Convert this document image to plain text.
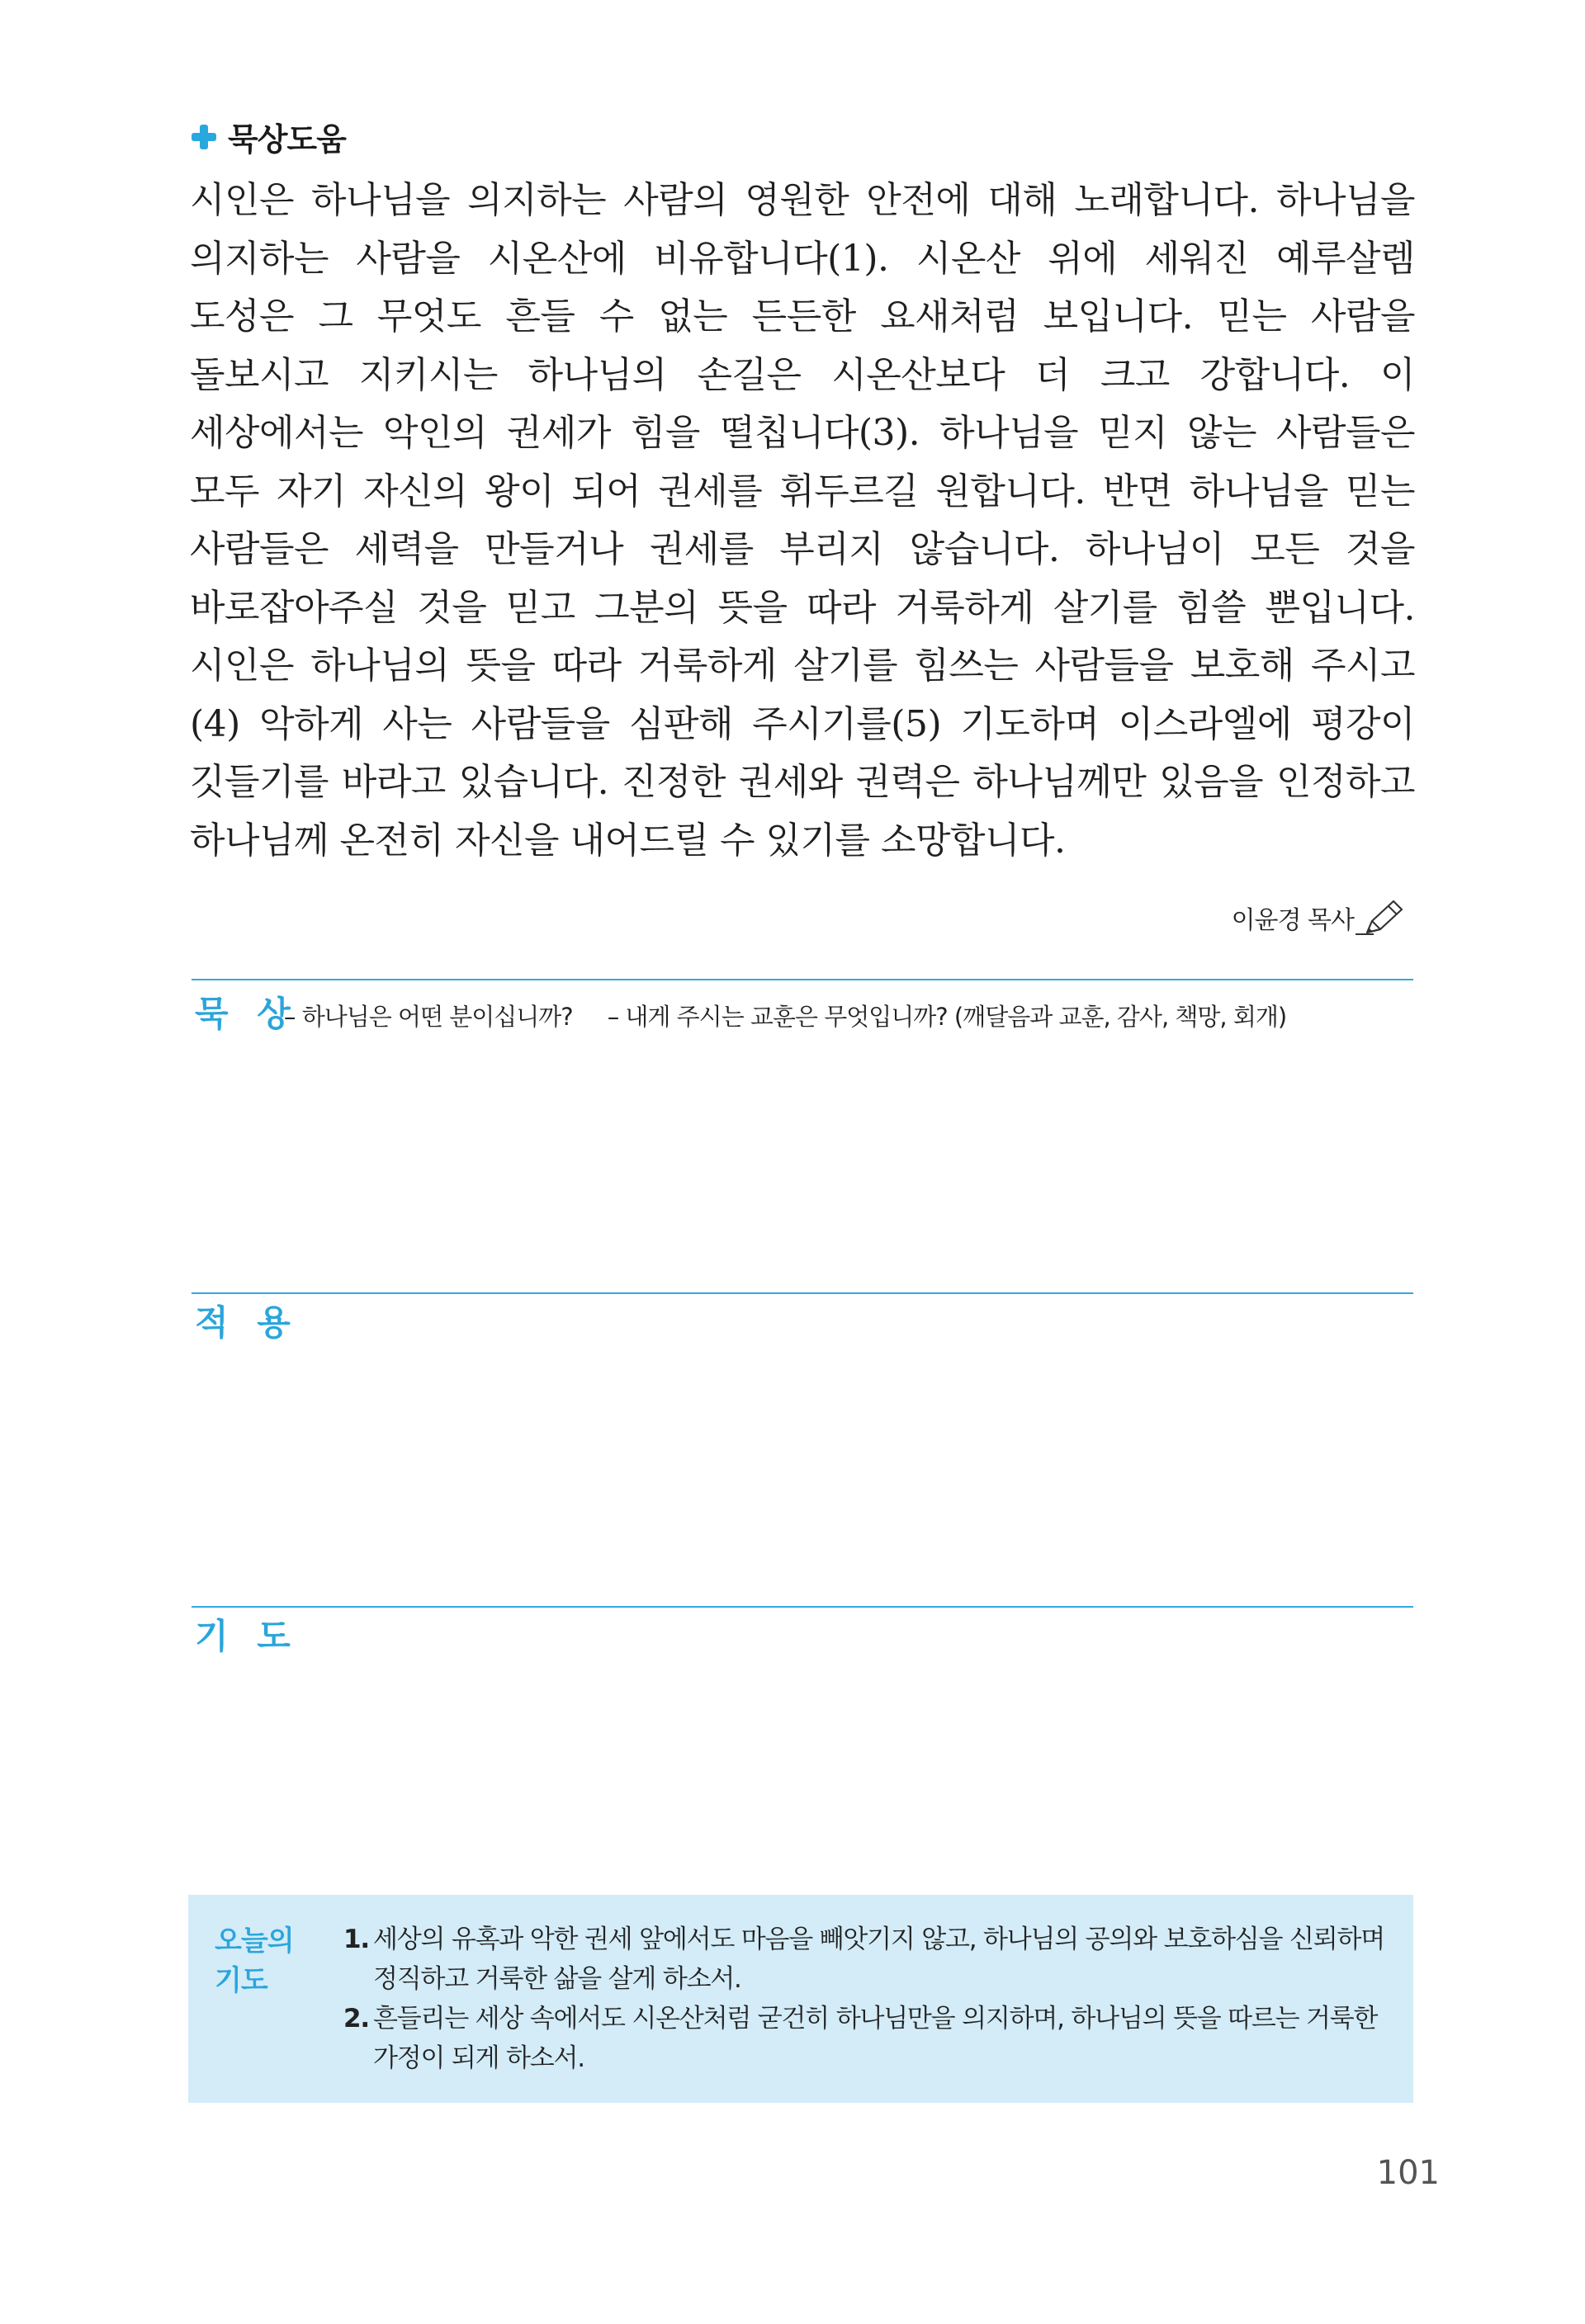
묵상도움
시인은 하나님을 의지하는 사람의 영원한 안전에 대해 노래합니다. 하나님을 의지하는 사람을 시온산에 비유합니다(1). 시온산 위에 세워진 예루살렘 도성은 그 무엇도 흔들 수 없는 든든한 요새처럼 보입니다. 믿는 사람을 돌보시고 지키시는 하나님의 손길은 시온산보다 더 크고 강합니다. 이 세상에서는 악인의 권세가 힘을 떨칩니다(3). 하나님을 믿지 않는 사람들은 모두 자기 자신의 왕이 되어 권세를 휘두르길 원합니다. 반면 하나님을 믿는 사람들은 세력을 만들거나 권세를 부리지 않습니다. 하나님이 모든 것을 바로잡아주실 것을 믿고 그분의 뜻을 따라 거룩하게 살기를 힘쓸 뿐입니다. 시인은 하나님의 뜻을 따라 거룩하게 살기를 힘쓰는 사람들을 보호해 주시고(4) 악하게 사는 사람들을 심판해 주시기를(5) 기도하며 이스라엘에 평강이 깃들기를 바라고 있습니다. 진정한 권세와 권력은 하나님께만 있음을 인정하고 하나님께 온전히 자신을 내어드릴 수 있기를 소망합니다.
이윤경 목사
묵 상
– 하나님은 어떤 분이십니까? – 내게 주시는 교훈은 무엇입니까? (깨달음과 교훈, 감사, 책망, 회개)
적 용
기 도
오늘의 기도
1. 세상의 유혹과 악한 권세 앞에서도 마음을 빼앗기지 않고, 하나님의 공의와 보호하심을 신뢰하며 정직하고 거룩한 삶을 살게 하소서.
2. 흔들리는 세상 속에서도 시온산처럼 굳건히 하나님만을 의지하며, 하나님의 뜻을 따르는 거룩한 가정이 되게 하소서.
101
